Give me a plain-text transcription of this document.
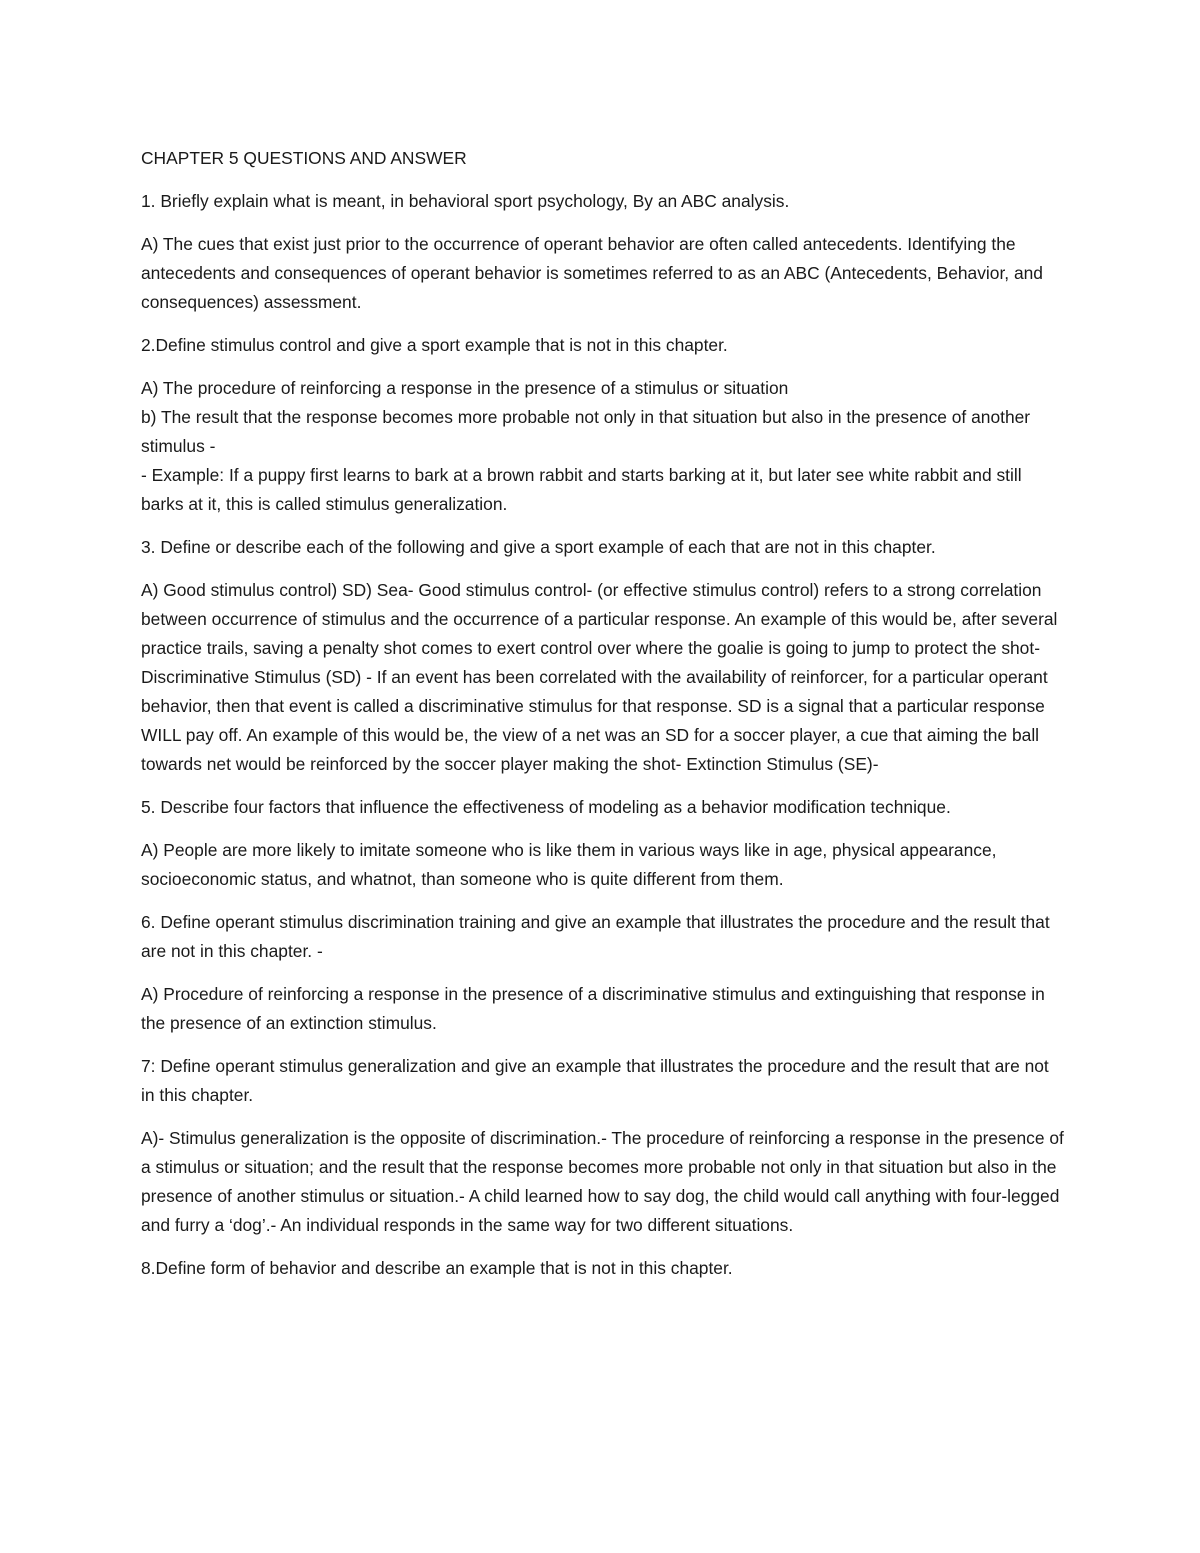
CHAPTER 5 QUESTIONS AND ANSWER

1. Briefly explain what is meant, in behavioral sport psychology, By an ABC analysis.

A) The cues that exist just prior to the occurrence of operant behavior are often called antecedents. Identifying the antecedents and consequences of operant behavior is sometimes referred to as an ABC (Antecedents, Behavior, and consequences) assessment.

2.Define stimulus control and give a sport example that is not in this chapter.

A) The procedure of reinforcing a response in the presence of a stimulus or situation

b) The result that the response becomes more probable not only in that situation but also in the presence of another stimulus -

- Example: If a puppy first learns to bark at a brown rabbit and starts barking at it, but later see white rabbit and still barks at it, this is called stimulus generalization.

3. Define or describe each of the following and give a sport example of each that are not in this chapter.

A) Good stimulus control) SD) Sea- Good stimulus control- (or effective stimulus control) refers to a strong correlation between occurrence of stimulus and the occurrence of a particular response. An example of this would be, after several practice trails, saving a penalty shot comes to exert control over where the goalie is going to jump to protect the shot- Discriminative Stimulus (SD) - If an event has been correlated with the availability of reinforcer, for a particular operant behavior, then that event is called a discriminative stimulus for that response. SD is a signal that a particular response WILL pay off. An example of this would be, the view of a net was an SD for a soccer player, a cue that aiming the ball towards net would be reinforced by the soccer player making the shot- Extinction Stimulus (SE)-

5. Describe four factors that influence the effectiveness of modeling as a behavior modification technique.

A) People are more likely to imitate someone who is like them in various ways like in age, physical appearance, socioeconomic status, and whatnot, than someone who is quite different from them.

6. Define operant stimulus discrimination training and give an example that illustrates the procedure and the result that are not in this chapter. -

A) Procedure of reinforcing a response in the presence of a discriminative stimulus and extinguishing that response in the presence of an extinction stimulus.

7: Define operant stimulus generalization and give an example that illustrates the procedure and the result that are not in this chapter.

A)- Stimulus generalization is the opposite of discrimination.- The procedure of reinforcing a response in the presence of a stimulus or situation; and the result that the response becomes more probable not only in that situation but also in the presence of another stimulus or situation.- A child learned how to say dog, the child would call anything with four-legged and furry a ‘dog’.- An individual responds in the same way for two different situations.

8.Define form of behavior and describe an example that is not in this chapter.
